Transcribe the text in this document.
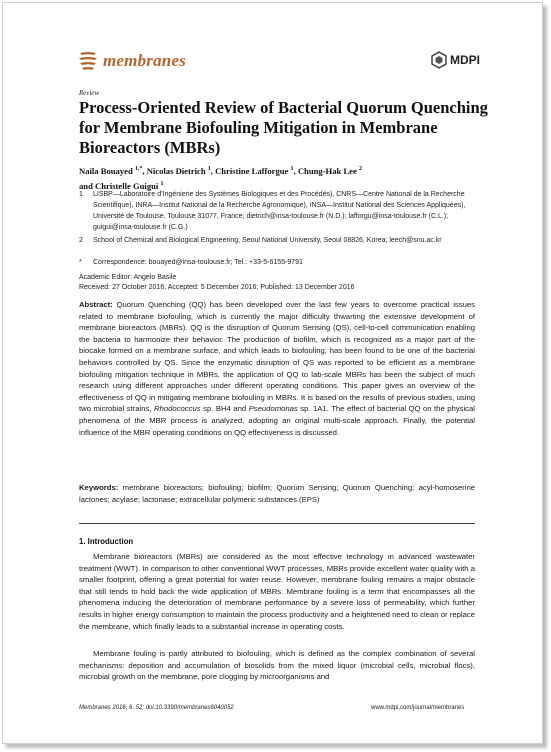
membranes	MDPI
Review
Process-Oriented Review of Bacterial Quorum Quenching for Membrane Biofouling Mitigation in Membrane Bioreactors (MBRs)
Naila Bouayed $^{1,*}$, Nicolas Dietrich $^1$, Christine Lafforgue $^1$, Chung-Hak Lee $^2$
and Christelle Guigui $^1$
1 LISBP—Laboratoire d’Ingénierie des Systèmes Biologiques et des Procédés), CNRS—Centre National de la Recherche Scientifique), INRA—Institut National de la Recherche Agronomique), INSA—Institut National des Sciences Appliquées), Université de Toulouse, Toulouse 31077, France; dietrich@insa-toulouse.fr (N.D.); lafforgu@insa-toulouse.fr (C.L.); guigui@insa-toulouse.fr (C.G.)
2 School of Chemical and Biological Engineering, Seoul National University, Seoul 08826, Korea; leech@snu.ac.kr
* Correspondence: bouayed@insa-toulouse.fr; Tel.: +33-5-6155-9791
Academic Editor: Angelo Basile
Received: 27 October 2016; Accepted: 5 December 2016; Published: 13 December 2016
Abstract: Quorum Quenching (QQ) has been developed over the last few years to overcome practical issues related to membrane biofouling, which is currently the major difficulty thwarting the extensive development of membrane bioreactors (MBRs). QQ is the disruption of Quorum Sensing (QS), cell-to-cell communication enabling the bacteria to harmonize their behavior. The production of biofilm, which is recognized as a major part of the biocake formed on a membrane surface, and which leads to biofouling, has been found to be one of the bacterial behaviors controlled by QS. Since the enzymatic disruption of QS was reported to be efficient as a membrane biofouling mitigation technique in MBRs, the application of QQ to lab-scale MBRs has been the subject of much research using different approaches under different operating conditions. This paper gives an overview of the effectiveness of QQ in mitigating membrane biofouling in MBRs. It is based on the results of previous studies, using two microbial strains, Rhodococcus sp. BH4 and Pseudomonas sp. 1A1. The effect of bacterial QQ on the physical phenomena of the MBR process is analyzed, adopting an original multi-scale approach. Finally, the potential influence of the MBR operating conditions on QQ effectiveness is discussed.
Keywords: membrane bioreactors; biofouling; biofilm; Quorum Sensing; Quorum Quenching; acyl-homoserine lactones; acylase; lactonase; extracellular polymeric substances (EPS)
1. Introduction
Membrane bioreactors (MBRs) are considered as the most effective technology in advanced wastewater treatment (WWT). In comparison to other conventional WWT processes, MBRs provide excellent water quality with a smaller footprint, offering a great potential for water reuse. However, membrane fouling remains a major obstacle that still tends to hold back the wide application of MBRs. Membrane fouling is a term that encompasses all the phenomena inducing the deterioration of membrane performance by a severe loss of permeability, which further results in higher energy consumption to maintain the process productivity and a heightened need to clean or replace the membrane, which finally leads to a substantial increase in operating costs.
Membrane fouling is partly attributed to biofouling, which is defined as the complex combination of several mechanisms: deposition and accumulation of biosolids from the mixed liquor (microbial cells, microbial flocs), microbial growth on the membrane, pore clogging by microorganisms and
Membranes 2016, 6, 52; doi:10.3390/membranes6040052	www.mdpi.com/journal/membranes
